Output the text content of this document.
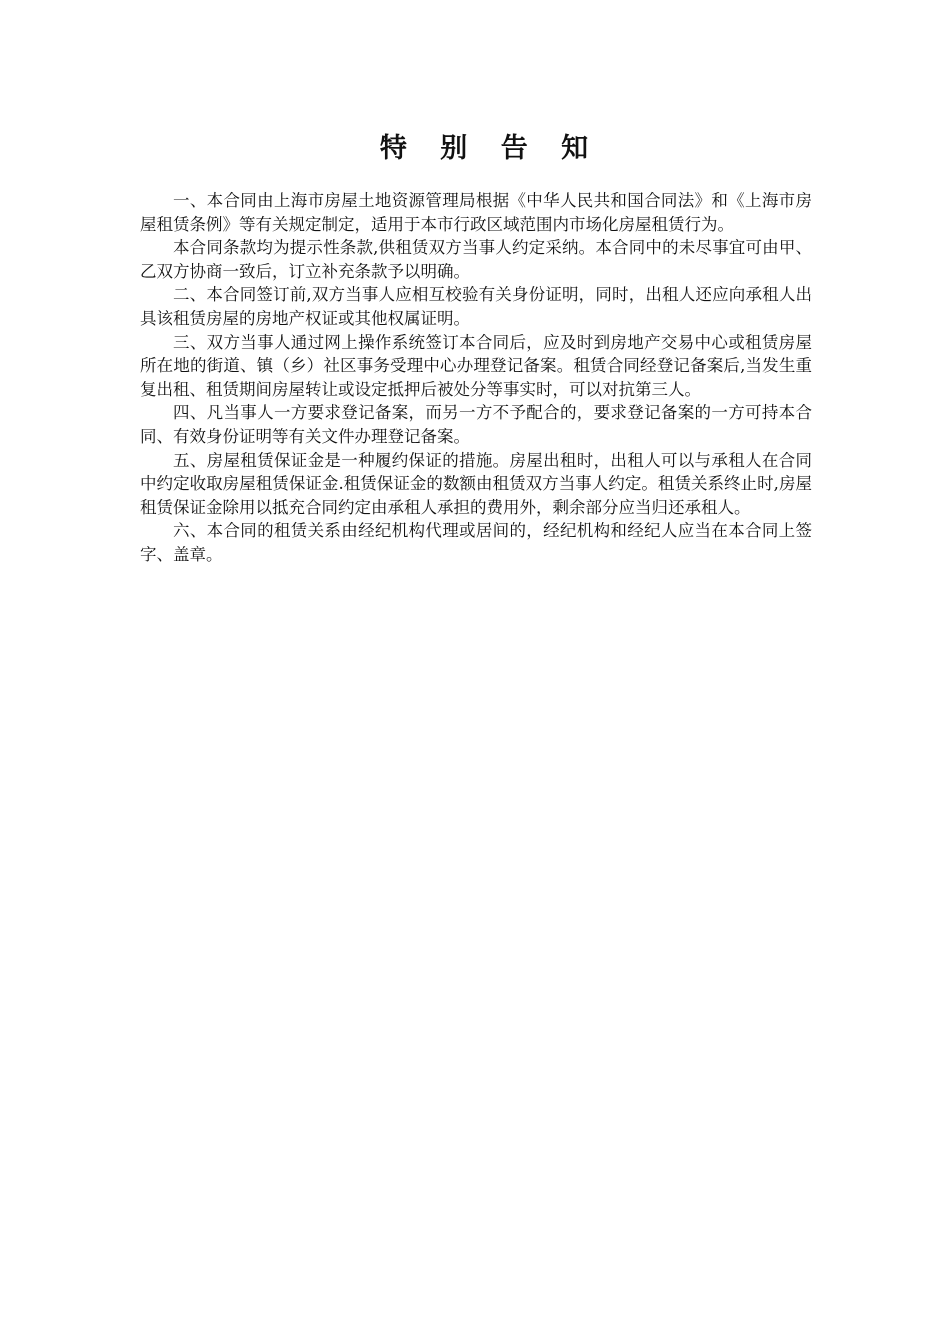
特 别 告 知

一、本合同由上海市房屋土地资源管理局根据《中华人民共和国合同法》和《上海市房屋租赁条例》等有关规定制定，适用于本市行政区域范围内市场化房屋租赁行为。

本合同条款均为提示性条款,供租赁双方当事人约定采纳。本合同中的未尽事宜可由甲、乙双方协商一致后，订立补充条款予以明确。

二、本合同签订前,双方当事人应相互校验有关身份证明，同时，出租人还应向承租人出具该租赁房屋的房地产权证或其他权属证明。

三、双方当事人通过网上操作系统签订本合同后，应及时到房地产交易中心或租赁房屋所在地的街道、镇（乡）社区事务受理中心办理登记备案。租赁合同经登记备案后,当发生重复出租、租赁期间房屋转让或设定抵押后被处分等事实时，可以对抗第三人。

四、凡当事人一方要求登记备案，而另一方不予配合的，要求登记备案的一方可持本合同、有效身份证明等有关文件办理登记备案。

五、房屋租赁保证金是一种履约保证的措施。房屋出租时，出租人可以与承租人在合同中约定收取房屋租赁保证金.租赁保证金的数额由租赁双方当事人约定。租赁关系终止时,房屋租赁保证金除用以抵充合同约定由承租人承担的费用外，剩余部分应当归还承租人。

六、本合同的租赁关系由经纪机构代理或居间的，经纪机构和经纪人应当在本合同上签字、盖章。
